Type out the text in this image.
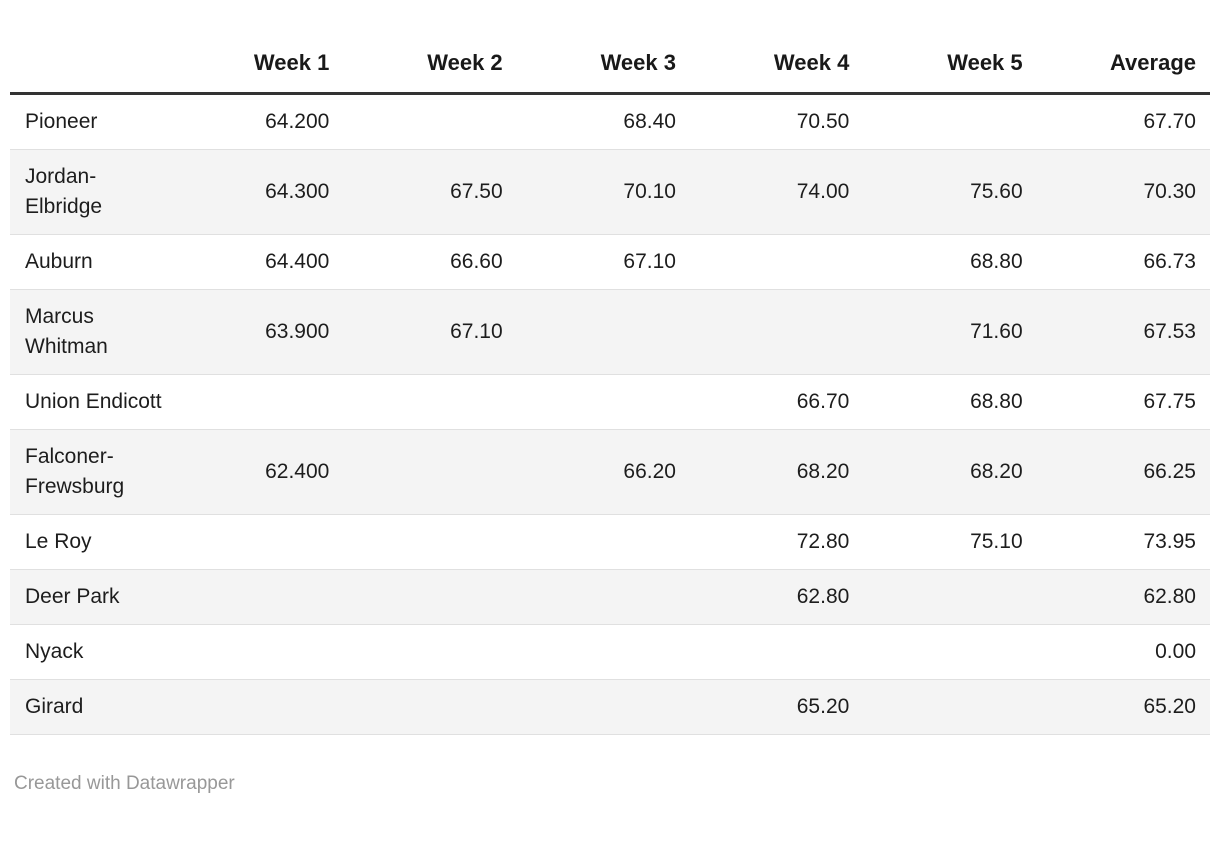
	Week 1	Week 2	Week 3	Week 4	Week 5	Average
Pioneer	64.200		68.40	70.50		67.70
Jordan-Elbridge	64.300	67.50	70.10	74.00	75.60	70.30
Auburn	64.400	66.60	67.10		68.80	66.73
Marcus Whitman	63.900	67.10			71.60	67.53
Union Endicott				66.70	68.80	67.75
Falconer-Frewsburg	62.400		66.20	68.20	68.20	66.25
Le Roy				72.80	75.10	73.95
Deer Park				62.80		62.80
Nyack						0.00
Girard				65.20		65.20
Created with Datawrapper
